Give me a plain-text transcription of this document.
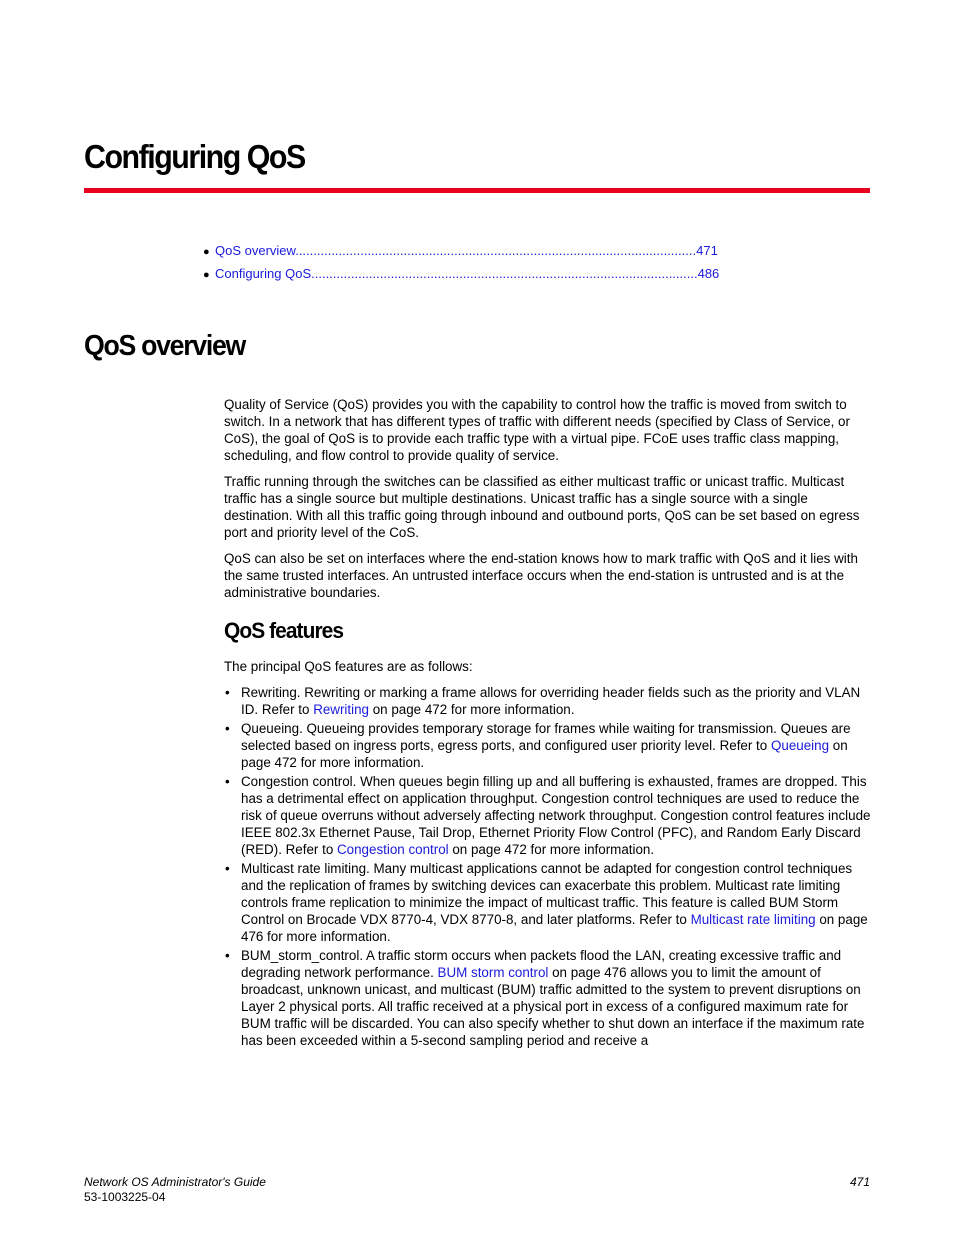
Configuring QoS
● QoS overview...............................................................................................................471
● Configuring QoS...........................................................................................................486
QoS overview

Quality of Service (QoS) provides you with the capability to control how the traffic is moved from switch to switch. In a network that has different types of traffic with different needs (specified by Class of Service, or CoS), the goal of QoS is to provide each traffic type with a virtual pipe. FCoE uses traffic class mapping, scheduling, and flow control to provide quality of service.

Traffic running through the switches can be classified as either multicast traffic or unicast traffic. Multicast traffic has a single source but multiple destinations. Unicast traffic has a single source with a single destination. With all this traffic going through inbound and outbound ports, QoS can be set based on egress port and priority level of the CoS.

QoS can also be set on interfaces where the end-station knows how to mark traffic with QoS and it lies with the same trusted interfaces. An untrusted interface occurs when the end-station is untrusted and is at the administrative boundaries.

QoS features

The principal QoS features are as follows:

• Rewriting. Rewriting or marking a frame allows for overriding header fields such as the priority and VLAN ID. Refer to Rewriting on page 472 for more information.
• Queueing. Queueing provides temporary storage for frames while waiting for transmission. Queues are selected based on ingress ports, egress ports, and configured user priority level. Refer to Queueing on page 472 for more information.
• Congestion control. When queues begin filling up and all buffering is exhausted, frames are dropped. This has a detrimental effect on application throughput. Congestion control techniques are used to reduce the risk of queue overruns without adversely affecting network throughput. Congestion control features include IEEE 802.3x Ethernet Pause, Tail Drop, Ethernet Priority Flow Control (PFC), and Random Early Discard (RED). Refer to Congestion control on page 472 for more information.
• Multicast rate limiting. Many multicast applications cannot be adapted for congestion control techniques and the replication of frames by switching devices can exacerbate this problem. Multicast rate limiting controls frame replication to minimize the impact of multicast traffic. This feature is called BUM Storm Control on Brocade VDX 8770-4, VDX 8770-8, and later platforms. Refer to Multicast rate limiting on page 476 for more information.
• BUM_storm_control. A traffic storm occurs when packets flood the LAN, creating excessive traffic and degrading network performance. BUM storm control on page 476 allows you to limit the amount of broadcast, unknown unicast, and multicast (BUM) traffic admitted to the system to prevent disruptions on Layer 2 physical ports. All traffic received at a physical port in excess of a configured maximum rate for BUM traffic will be discarded. You can also specify whether to shut down an interface if the maximum rate has been exceeded within a 5-second sampling period and receive a
Network OS Administrator's Guide
53-1003225-04
471
